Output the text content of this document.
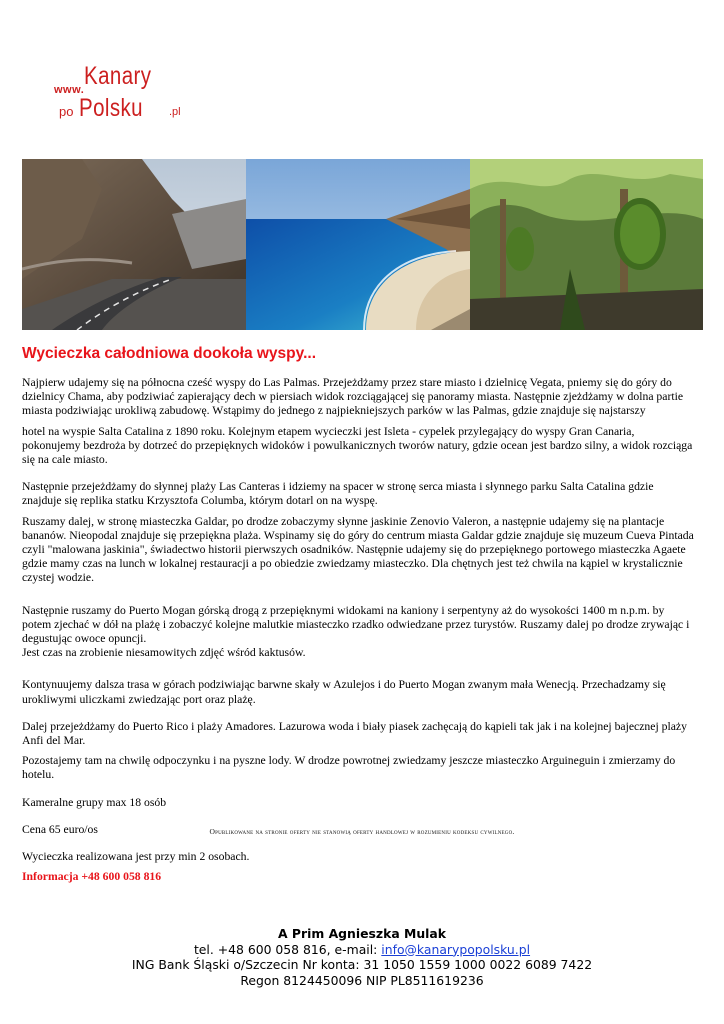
www. Kanary
po Polsku .pl
Wycieczka całodniowa dookoła wyspy...

Najpierw udajemy się na północna cześć wyspy do Las Palmas. Przejeżdżamy przez stare miasto i dzielnicę Vegata, pniemy się do góry do dzielnicy Chama, aby podziwiać zapierający dech w piersiach widok rozciągającej się panoramy miasta. Następnie zjeżdżamy w dolna partie miasta podziwiając urokliwą zabudowę. Wstąpimy do jednego z najpiekniejszych parków w las Palmas, gdzie znajduje się najstarszy

hotel na wyspie Salta Catalina z 1890 roku. Kolejnym etapem wycieczki jest Isleta - cypelek przylegający do wyspy Gran Canaria, pokonujemy bezdroża by dotrzeć do przepięknych widoków i powulkanicznych tworów natury, gdzie ocean jest bardzo silny, a widok rozciąga się na cale miasto.

Następnie przejeżdżamy do słynnej plaży Las Canteras i idziemy na spacer w stronę serca miasta i słynnego parku Salta Catalina gdzie znajduje się replika statku Krzysztofa Columba, którym dotarl on na wyspę.

Ruszamy dalej, w stronę miasteczka Galdar, po drodze zobaczymy słynne jaskinie Zenovio Valeron, a następnie udajemy się na plantacje bananów. Nieopodal znajduje się przepiękna plaża. Wspinamy się do góry do centrum miasta Galdar gdzie znajduje się muzeum Cueva Pintada czyli "malowana jaskinia", świadectwo historii pierwszych osadników. Następnie udajemy się do przepięknego portowego miasteczka Agaete gdzie mamy czas na lunch w lokalnej restauracji a po obiedzie zwiedzamy miasteczko. Dla chętnych jest też chwila na kąpiel w krystalicznie czystej wodzie.

Następnie ruszamy do Puerto Mogan górską drogą z przepięknymi widokami na kaniony i serpentyny aż do wysokości 1400 m n.p.m. by potem zjechać w dół na plażę i zobaczyć kolejne malutkie miasteczko rzadko odwiedzane przez turystów. Ruszamy dalej po drodze zrywając i degustując owoce opuncji.

Jest czas na zrobienie niesamowitych zdjęć wśród kaktusów.

Kontynuujemy dalsza trasa w górach podziwiając barwne skały w Azulejos i do Puerto Mogan zwanym mała Wenecją. Przechadzamy się urokliwymi uliczkami zwiedzając port oraz plażę.

Dalej przejeżdżamy do Puerto Rico i plaży Amadores. Lazurowa woda i biały piasek zachęcają do kąpieli tak jak i na kolejnej bajecznej plaży Anfi del Mar.

Pozostajemy tam na chwilę odpoczynku i na pyszne lody. W drodze powrotnej zwiedzamy jeszcze miasteczko Arguineguin i zmierzamy do hotelu.

Kameralne grupy max 18 osób

Cena 65 euro/os

Wycieczka realizowana jest przy min 2 osobach.

Informacja +48 600 058 816

Opublikowane na stronie oferty nie stanowią oferty handlowej w rozumieniu kodeksu cywilnego.
A Prim Agnieszka Mulak
tel. +48 600 058 816, e-mail: info@kanarypopolsku.pl
ING Bank Śląski o/Szczecin Nr konta: 31 1050 1559 1000 0022 6089 7422
Regon 8124450096 NIP PL8511619236
